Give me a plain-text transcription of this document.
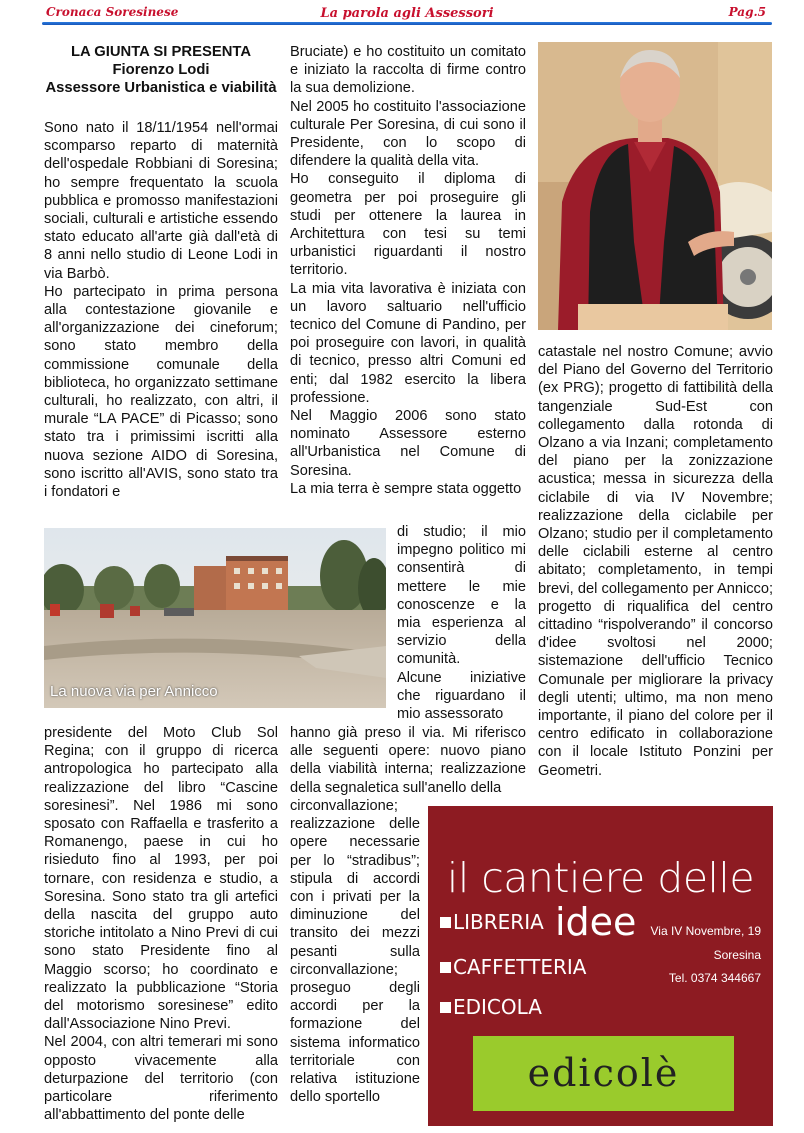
Cronaca Soresinese	La parola agli Assessori	Pag.5
LA GIUNTA SI PRESENTA
Fiorenzo Lodi
Assessore Urbanistica e viabilità

Sono nato il 18/11/1954 nell'ormai scomparso reparto di maternità dell'ospedale Robbiani di Soresina; ho sempre frequentato la scuola pubblica e promosso manifestazioni sociali, culturali e artistiche essendo stato educato all'arte già dall'età di 8 anni nello studio di Leone Lodi in via Barbò.

Ho partecipato in prima persona alla contestazione giovanile e all'organizzazione dei cineforum; sono stato membro della commissione comunale della biblioteca, ho organizzato settimane culturali, ho realizzato, con altri, il murale “LA PACE” di Picasso; sono stato tra i primissimi iscritti alla nuova sezione AIDO di Soresina, sono iscritto all'AVIS, sono stato tra i fondatori e

La nuova via per Annicco

presidente del Moto Club Sol Regina; con il gruppo di ricerca antropologica ho partecipato alla realizzazione del libro “Cascine soresinesi”. Nel 1986 mi sono sposato con Raffaella e trasferito a Romanengo, paese in cui ho risieduto fino al 1993, per poi tornare, con residenza e studio, a Soresina. Sono stato tra gli artefici della nascita del gruppo auto storiche intitolato a Nino Previ di cui sono stato Presidente fino al Maggio scorso; ho coordinato e realizzato la pubblicazione “Storia del motorismo soresinese” edito dall'Associazione Nino Previ.

Nel 2004, con altri temerari mi sono opposto vivacemente alla deturpazione del territorio (con particolare riferimento all'abbattimento del ponte delle

Bruciate) e ho costituito un comitato e iniziato la raccolta di firme contro la sua demolizione.

Nel 2005 ho costituito l'associazione culturale Per Soresina, di cui sono il Presidente, con lo scopo di difendere la qualità della vita.

Ho conseguito il diploma di geometra per poi proseguire gli studi per ottenere la laurea in Architettura con tesi su temi urbanistici riguardanti il nostro territorio.

La mia vita lavorativa è iniziata con un lavoro saltuario nell'ufficio tecnico del Comune di Pandino, per poi proseguire con lavori, in qualità di tecnico, presso altri Comuni ed enti; dal 1982 esercito la libera professione.

Nel Maggio 2006 sono stato nominato Assessore esterno all'Urbanistica nel Comune di Soresina.

La mia terra è sempre stata oggetto

di studio; il mio impegno politico mi consentirà di mettere le mie conoscenze e la mia esperienza al servizio della comunità.

Alcune iniziative che riguardano il mio assessorato

hanno già preso il via. Mi riferisco alle seguenti opere: nuovo piano della viabilità interna; realizzazione della segnaletica sull'anello della

circonvallazione; realizzazione delle opere necessarie per lo “stradibus”; stipula di accordi con i privati per la diminuzione del transito dei mezzi pesanti sulla circonvallazione; proseguo degli accordi per la formazione del sistema informatico territoriale con relativa istituzione dello sportello

catastale nel nostro Comune; avvio del Piano del Governo del Territorio (ex PRG); progetto di fattibilità della tangenziale Sud-Est con collegamento dalla rotonda di Olzano a via Inzani; completamento del piano per la zonizzazione acustica; messa in sicurezza della ciclabile di via IV Novembre; realizzazione della ciclabile per Olzano; studio per il completamento delle ciclabili esterne al centro abitato; completamento, in tempi brevi, del collegamento per Annicco; progetto di riqualifica del centro cittadino “rispolverando” il concorso d'idee svoltosi nel 2000; sistemazione dell'ufficio Tecnico Comunale per migliorare la privacy degli utenti; ultimo, ma non meno importante, il piano del colore per il centro edificato in collaborazione con il locale Istituto Ponzini per Geometri.

il cantiere delle
LIBRERIA idee
CAFFETTERIA
EDICOLA
Via IV Novembre, 19
Soresina
Tel. 0374 344667
edicolè
